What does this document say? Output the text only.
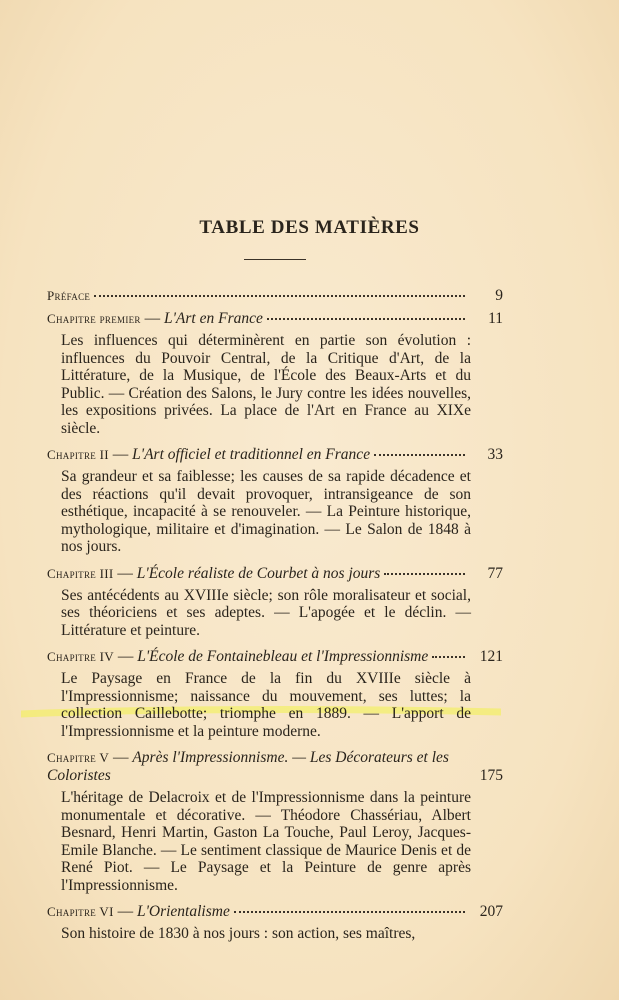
TABLE DES MATIÈRES
Préface	9
Chapitre premier — L'Art en France	11

Les influences qui déterminèrent en partie son évolution : influences du Pouvoir Central, de la Critique d'Art, de la Littérature, de la Musique, de l'École des Beaux-Arts et du Public. — Création des Salons, le Jury contre les idées nouvelles, les expositions privées. La place de l'Art en France au XIXe siècle.

Chapitre II — L'Art officiel et traditionnel en France	33

Sa grandeur et sa faiblesse; les causes de sa rapide décadence et des réactions qu'il devait provoquer, intransigeance de son esthétique, incapacité à se renouveler. — La Peinture historique, mythologique, militaire et d'imagination. — Le Salon de 1848 à nos jours.

Chapitre III — L'École réaliste de Courbet à nos jours	77

Ses antécédents au XVIIIe siècle; son rôle moralisateur et social, ses théoriciens et ses adeptes. — L'apogée et le déclin. — Littérature et peinture.

Chapitre IV — L'École de Fontainebleau et l'Impressionnisme	121

Le Paysage en France de la fin du XVIIIe siècle à l'Impressionnisme; naissance du mouvement, ses luttes; la collection Caillebotte; triomphe en 1889. — L'apport de l'Impressionnisme et la peinture moderne.

Chapitre V — Après l'Impressionnisme. — Les Décorateurs et les Coloristes	175

L'héritage de Delacroix et de l'Impressionnisme dans la peinture monumentale et décorative. — Théodore Chassériau, Albert Besnard, Henri Martin, Gaston La Touche, Paul Leroy, Jacques-Emile Blanche. — Le sentiment classique de Maurice Denis et de René Piot. — Le Paysage et la Peinture de genre après l'Impressionnisme.

Chapitre VI — L'Orientalisme	207

Son histoire de 1830 à nos jours : son action, ses maîtres,
